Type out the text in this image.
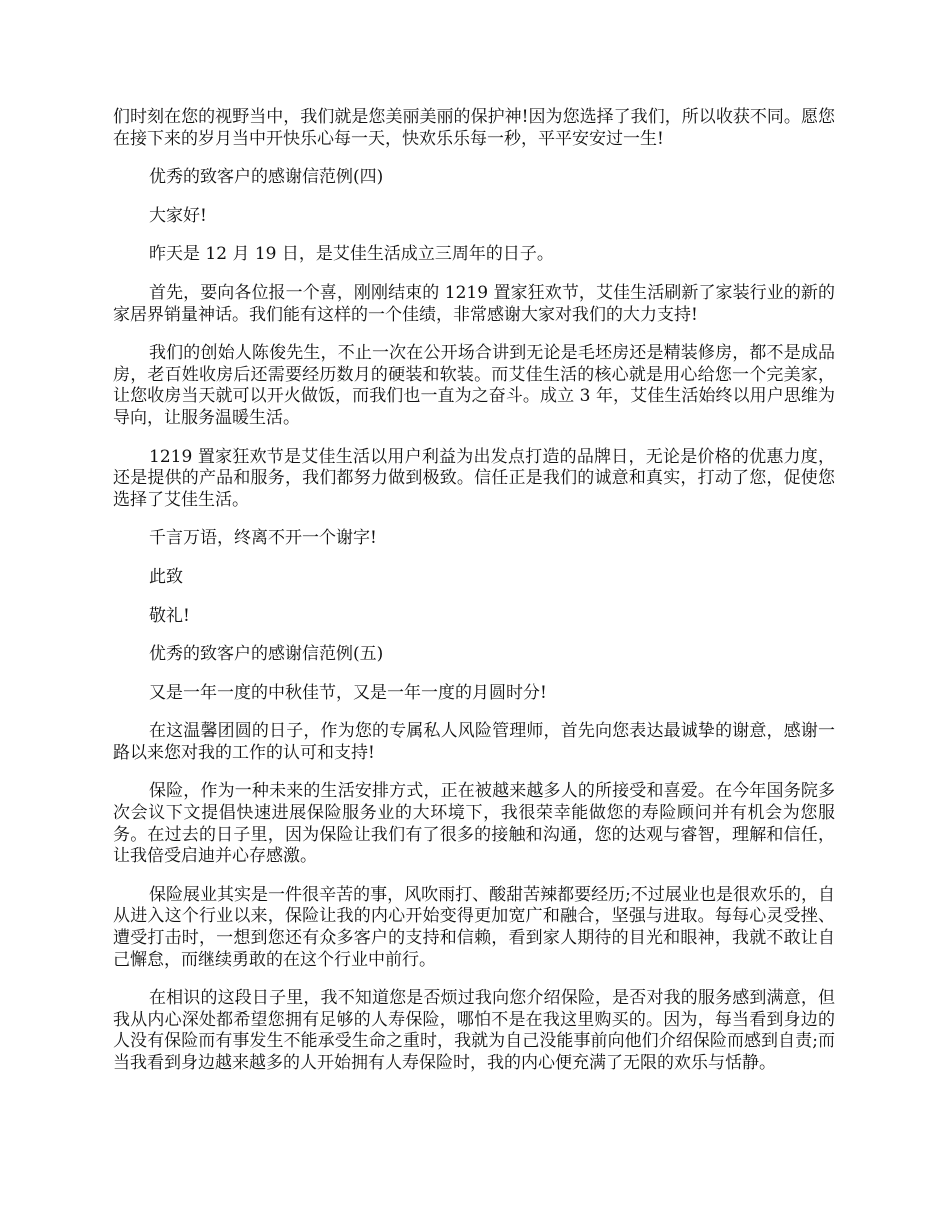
们时刻在您的视野当中，我们就是您美丽美丽的保护神!因为您选择了我们，所以收获不同。愿您在接下来的岁月当中开快乐心每一天，快欢乐乐每一秒，平平安安过一生!

优秀的致客户的感谢信范例(四)

大家好!

昨天是 12 月 19 日，是艾佳生活成立三周年的日子。

首先，要向各位报一个喜，刚刚结束的 1219 置家狂欢节，艾佳生活刷新了家装行业的新的家居界销量神话。我们能有这样的一个佳绩，非常感谢大家对我们的大力支持!

我们的创始人陈俊先生，不止一次在公开场合讲到无论是毛坯房还是精装修房，都不是成品房，老百姓收房后还需要经历数月的硬装和软装。而艾佳生活的核心就是用心给您一个完美家，让您收房当天就可以开火做饭，而我们也一直为之奋斗。成立 3 年，艾佳生活始终以用户思维为导向，让服务温暖生活。

1219 置家狂欢节是艾佳生活以用户利益为出发点打造的品牌日，无论是价格的优惠力度，还是提供的产品和服务，我们都努力做到极致。信任正是我们的诚意和真实，打动了您，促使您选择了艾佳生活。

千言万语，终离不开一个谢字!

此致

敬礼!

优秀的致客户的感谢信范例(五)

又是一年一度的中秋佳节，又是一年一度的月圆时分!

在这温馨团圆的日子，作为您的专属私人风险管理师，首先向您表达最诚挚的谢意，感谢一路以来您对我的工作的认可和支持!

保险，作为一种未来的生活安排方式，正在被越来越多人的所接受和喜爱。在今年国务院多次会议下文提倡快速进展保险服务业的大环境下，我很荣幸能做您的寿险顾问并有机会为您服务。在过去的日子里，因为保险让我们有了很多的接触和沟通，您的达观与睿智，理解和信任，让我倍受启迪并心存感激。

保险展业其实是一件很辛苦的事，风吹雨打、酸甜苦辣都要经历;不过展业也是很欢乐的，自从进入这个行业以来，保险让我的内心开始变得更加宽广和融合，坚强与进取。每每心灵受挫、遭受打击时，一想到您还有众多客户的支持和信赖，看到家人期待的目光和眼神，我就不敢让自己懈怠，而继续勇敢的在这个行业中前行。

在相识的这段日子里，我不知道您是否烦过我向您介绍保险，是否对我的服务感到满意，但我从内心深处都希望您拥有足够的人寿保险，哪怕不是在我这里购买的。因为，每当看到身边的人没有保险而有事发生不能承受生命之重时，我就为自己没能事前向他们介绍保险而感到自责;而当我看到身边越来越多的人开始拥有人寿保险时，我的内心便充满了无限的欢乐与恬静。
